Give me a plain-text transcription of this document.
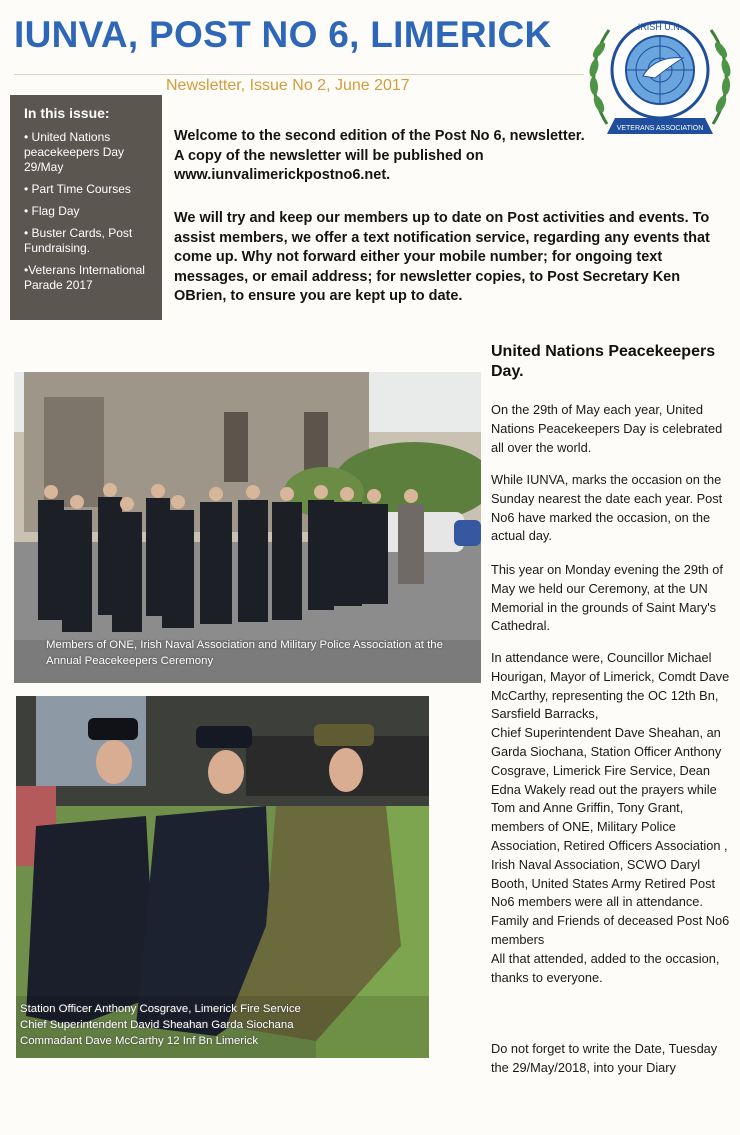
IUNVA, POST NO 6, LIMERICK
Newsletter, Issue No 2, June 2017
IRISH U.N.
VETERANS ASSOCIATION
In this issue:
• United Nations peacekeepers Day 29/May
• Part Time Courses
• Flag Day
• Buster Cards, Post Fundraising.
•Veterans International Parade 2017

Welcome to the second edition of the Post No 6, newsletter. A copy of the newsletter will be published on www.iunvalimerickpostno6.net.

We will try and keep our members up to date on Post activities and events. To assist members, we offer a text notification service, regarding any events that come up. Why not forward either your mobile number; for ongoing text messages, or email address; for newsletter copies, to Post Secretary Ken OBrien, to ensure you are kept up to date.

Members of ONE, Irish Naval Association and Military Police Association at the Annual Peacekeepers Ceremony
Station Officer Anthony Cosgrave, Limerick Fire Service
Chief Superintendent David Sheahan Garda Siochana
Commadant Dave McCarthy 12 Inf Bn Limerick
United Nations Peacekeepers Day.

On the 29th of May each year, United Nations Peacekeepers Day is celebrated all over the world.

While IUNVA, marks the occasion on the Sunday nearest the date each year. Post No6 have marked the occasion, on the actual day.

This year on Monday evening the 29th of May we held our Ceremony, at the UN Memorial in the grounds of Saint Mary's Cathedral.

In attendance were, Councillor Michael Hourigan, Mayor of Limerick, Comdt Dave McCarthy, representing the OC 12th Bn, Sarsfield Barracks,
Chief Superintendent Dave Sheahan, an Garda Siochana, Station Officer Anthony Cosgrave, Limerick Fire Service, Dean Edna Wakely read out the prayers while Tom and Anne Griffin, Tony Grant, members of ONE, Military Police Association, Retired Officers Association ,
Irish Naval Association, SCWO Daryl Booth, United States Army Retired Post No6 members were all in attendance.
Family and Friends of deceased Post No6 members
All that attended, added to the occasion, thanks to everyone.

Do not forget to write the Date, Tuesday the 29/May/2018, into your Diary
